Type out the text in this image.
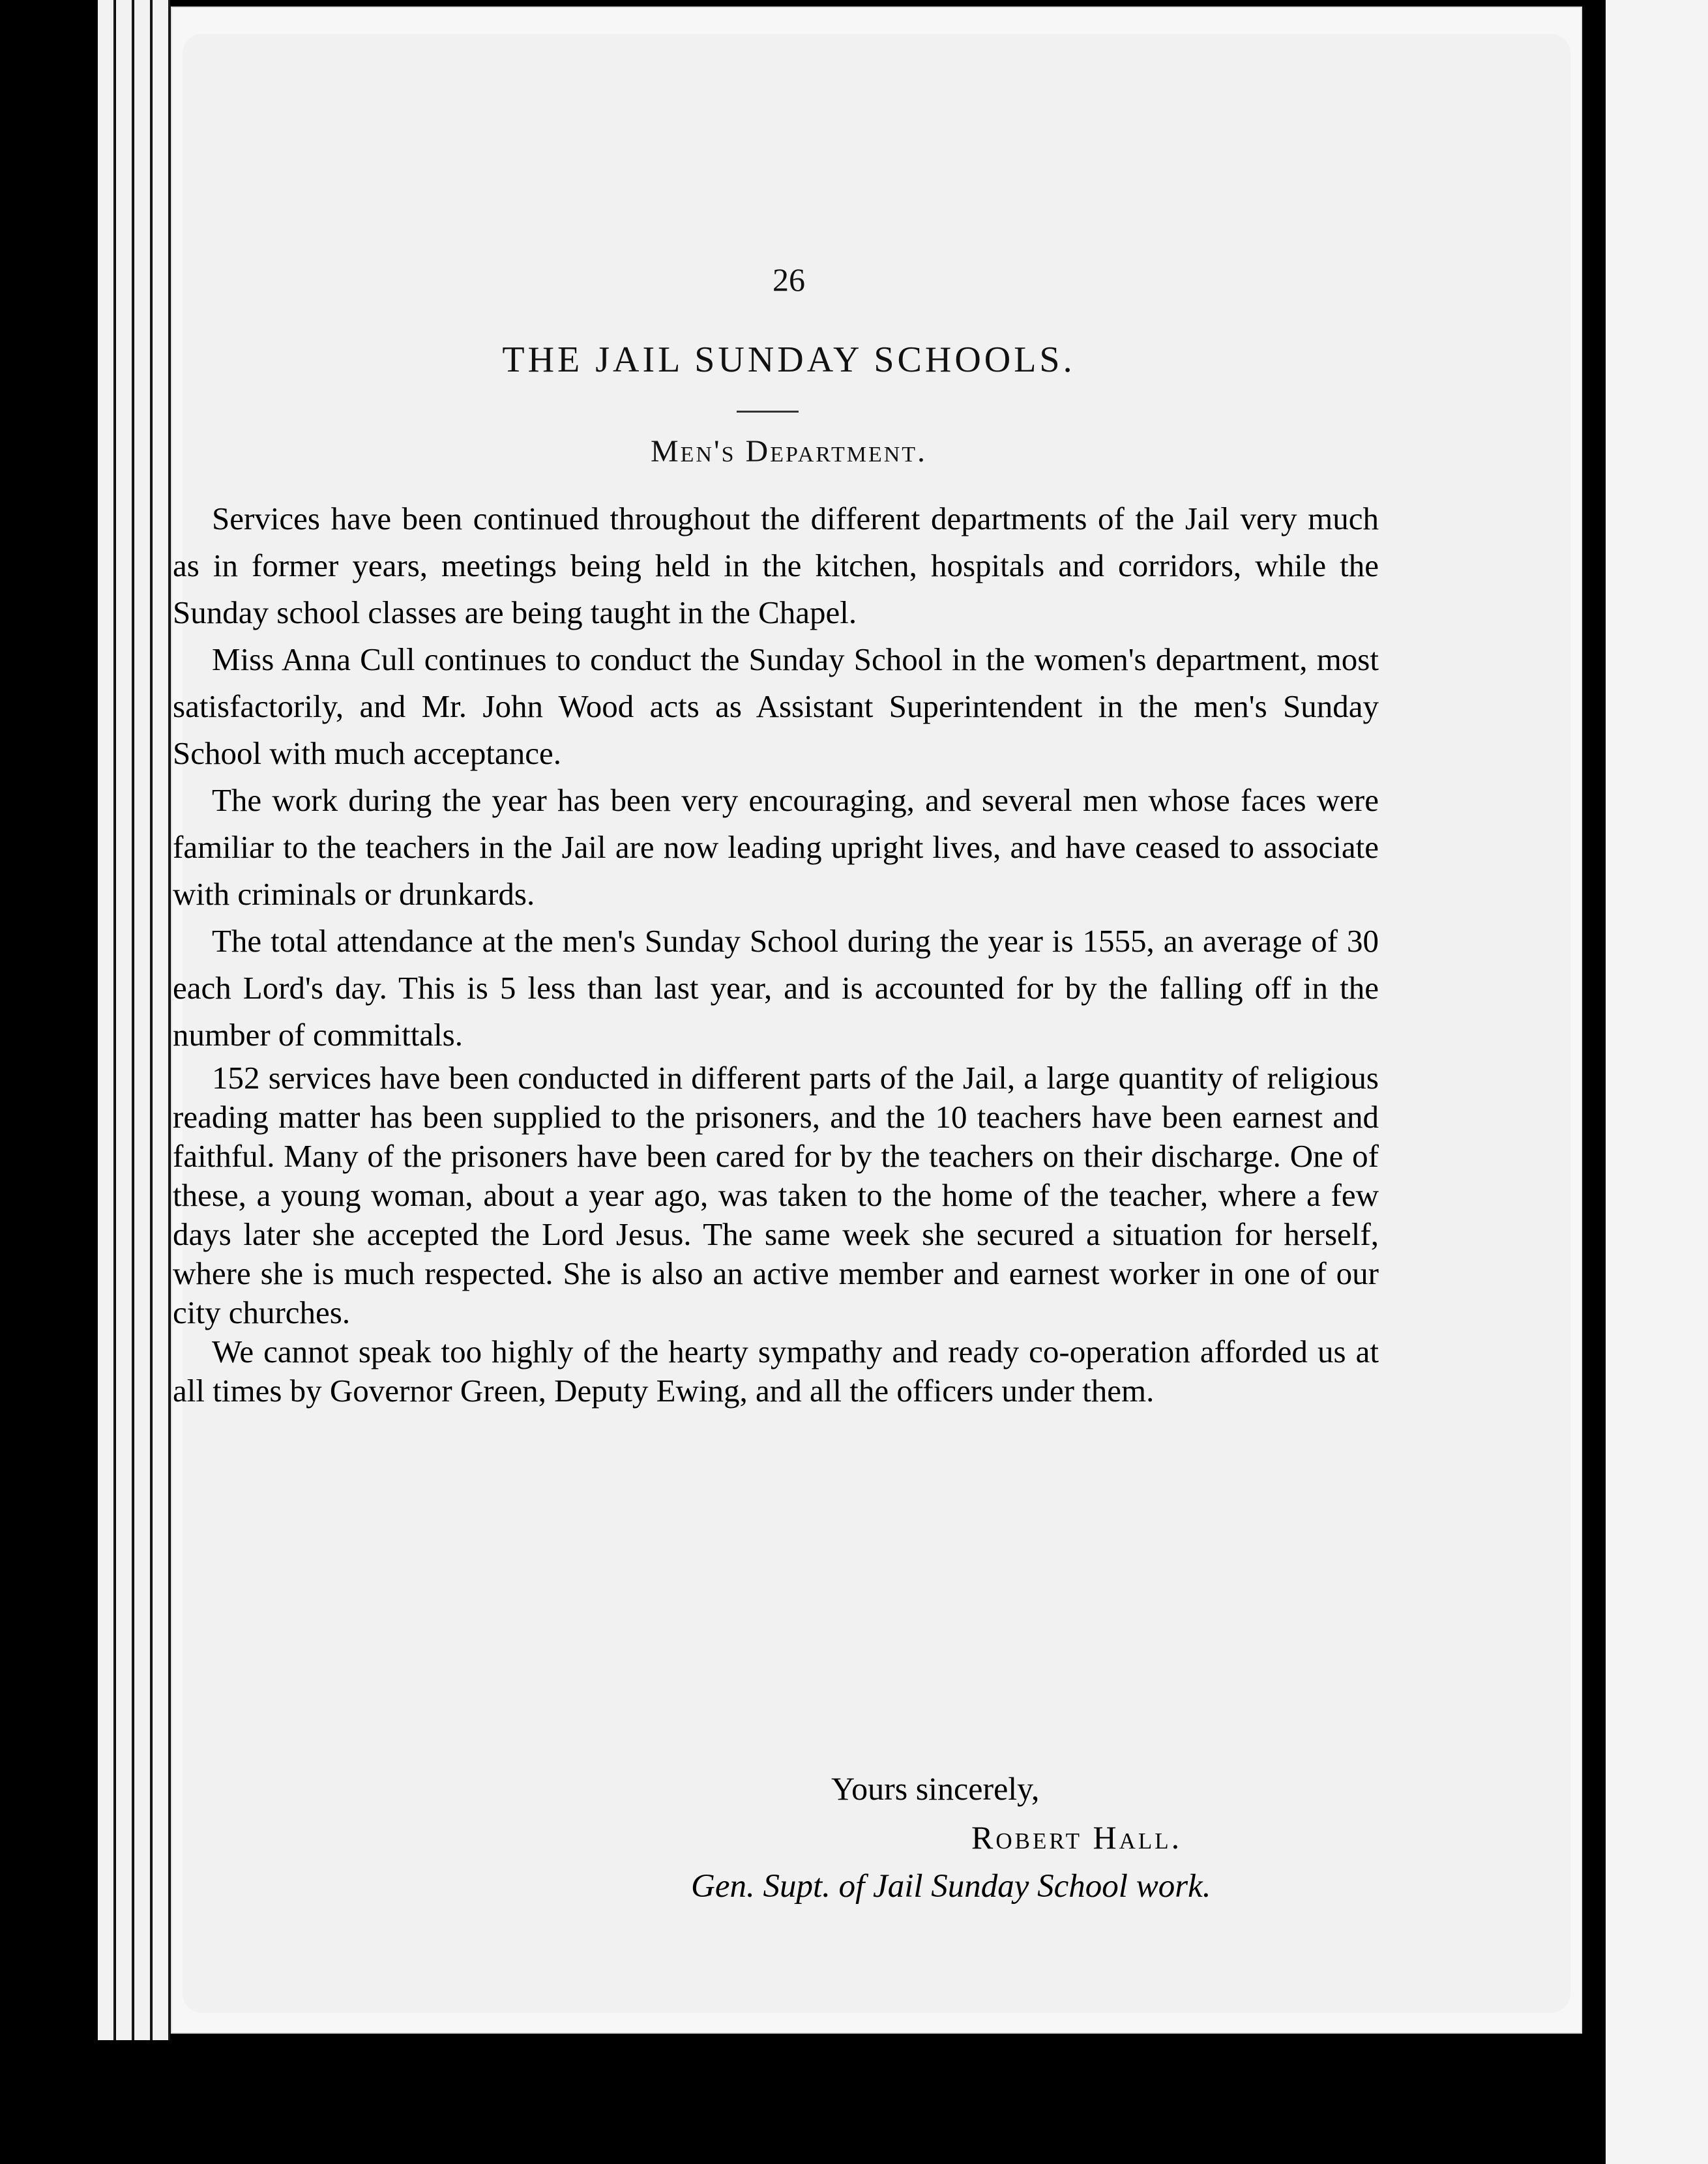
26
THE JAIL SUNDAY SCHOOLS.
Men's Department.

Services have been continued throughout the different departments of the Jail very much as in former years, meetings being held in the kitchen, hospitals and corridors, while the Sunday school classes are being taught in the Chapel.

Miss Anna Cull continues to conduct the Sunday School in the women's department, most satisfactorily, and Mr. John Wood acts as Assistant Superintendent in the men's Sunday School with much acceptance.

The work during the year has been very encouraging, and several men whose faces were familiar to the teachers in the Jail are now leading upright lives, and have ceased to associate with criminals or drunkards.

The total attendance at the men's Sunday School during the year is 1555, an average of 30 each Lord's day. This is 5 less than last year, and is accounted for by the falling off in the number of committals.

152 services have been conducted in different parts of the Jail, a large quantity of religious reading matter has been supplied to the prisoners, and the 10 teachers have been earnest and faithful. Many of the prisoners have been cared for by the teachers on their discharge. One of these, a young woman, about a year ago, was taken to the home of the teacher, where a few days later she accepted the Lord Jesus. The same week she secured a situation for herself, where she is much respected. She is also an active member and earnest worker in one of our city churches.

We cannot speak too highly of the hearty sympathy and ready co-operation afforded us at all times by Governor Green, Deputy Ewing, and all the officers under them.

Yours sincerely,
Robert Hall.
Gen. Supt. of Jail Sunday School work.
